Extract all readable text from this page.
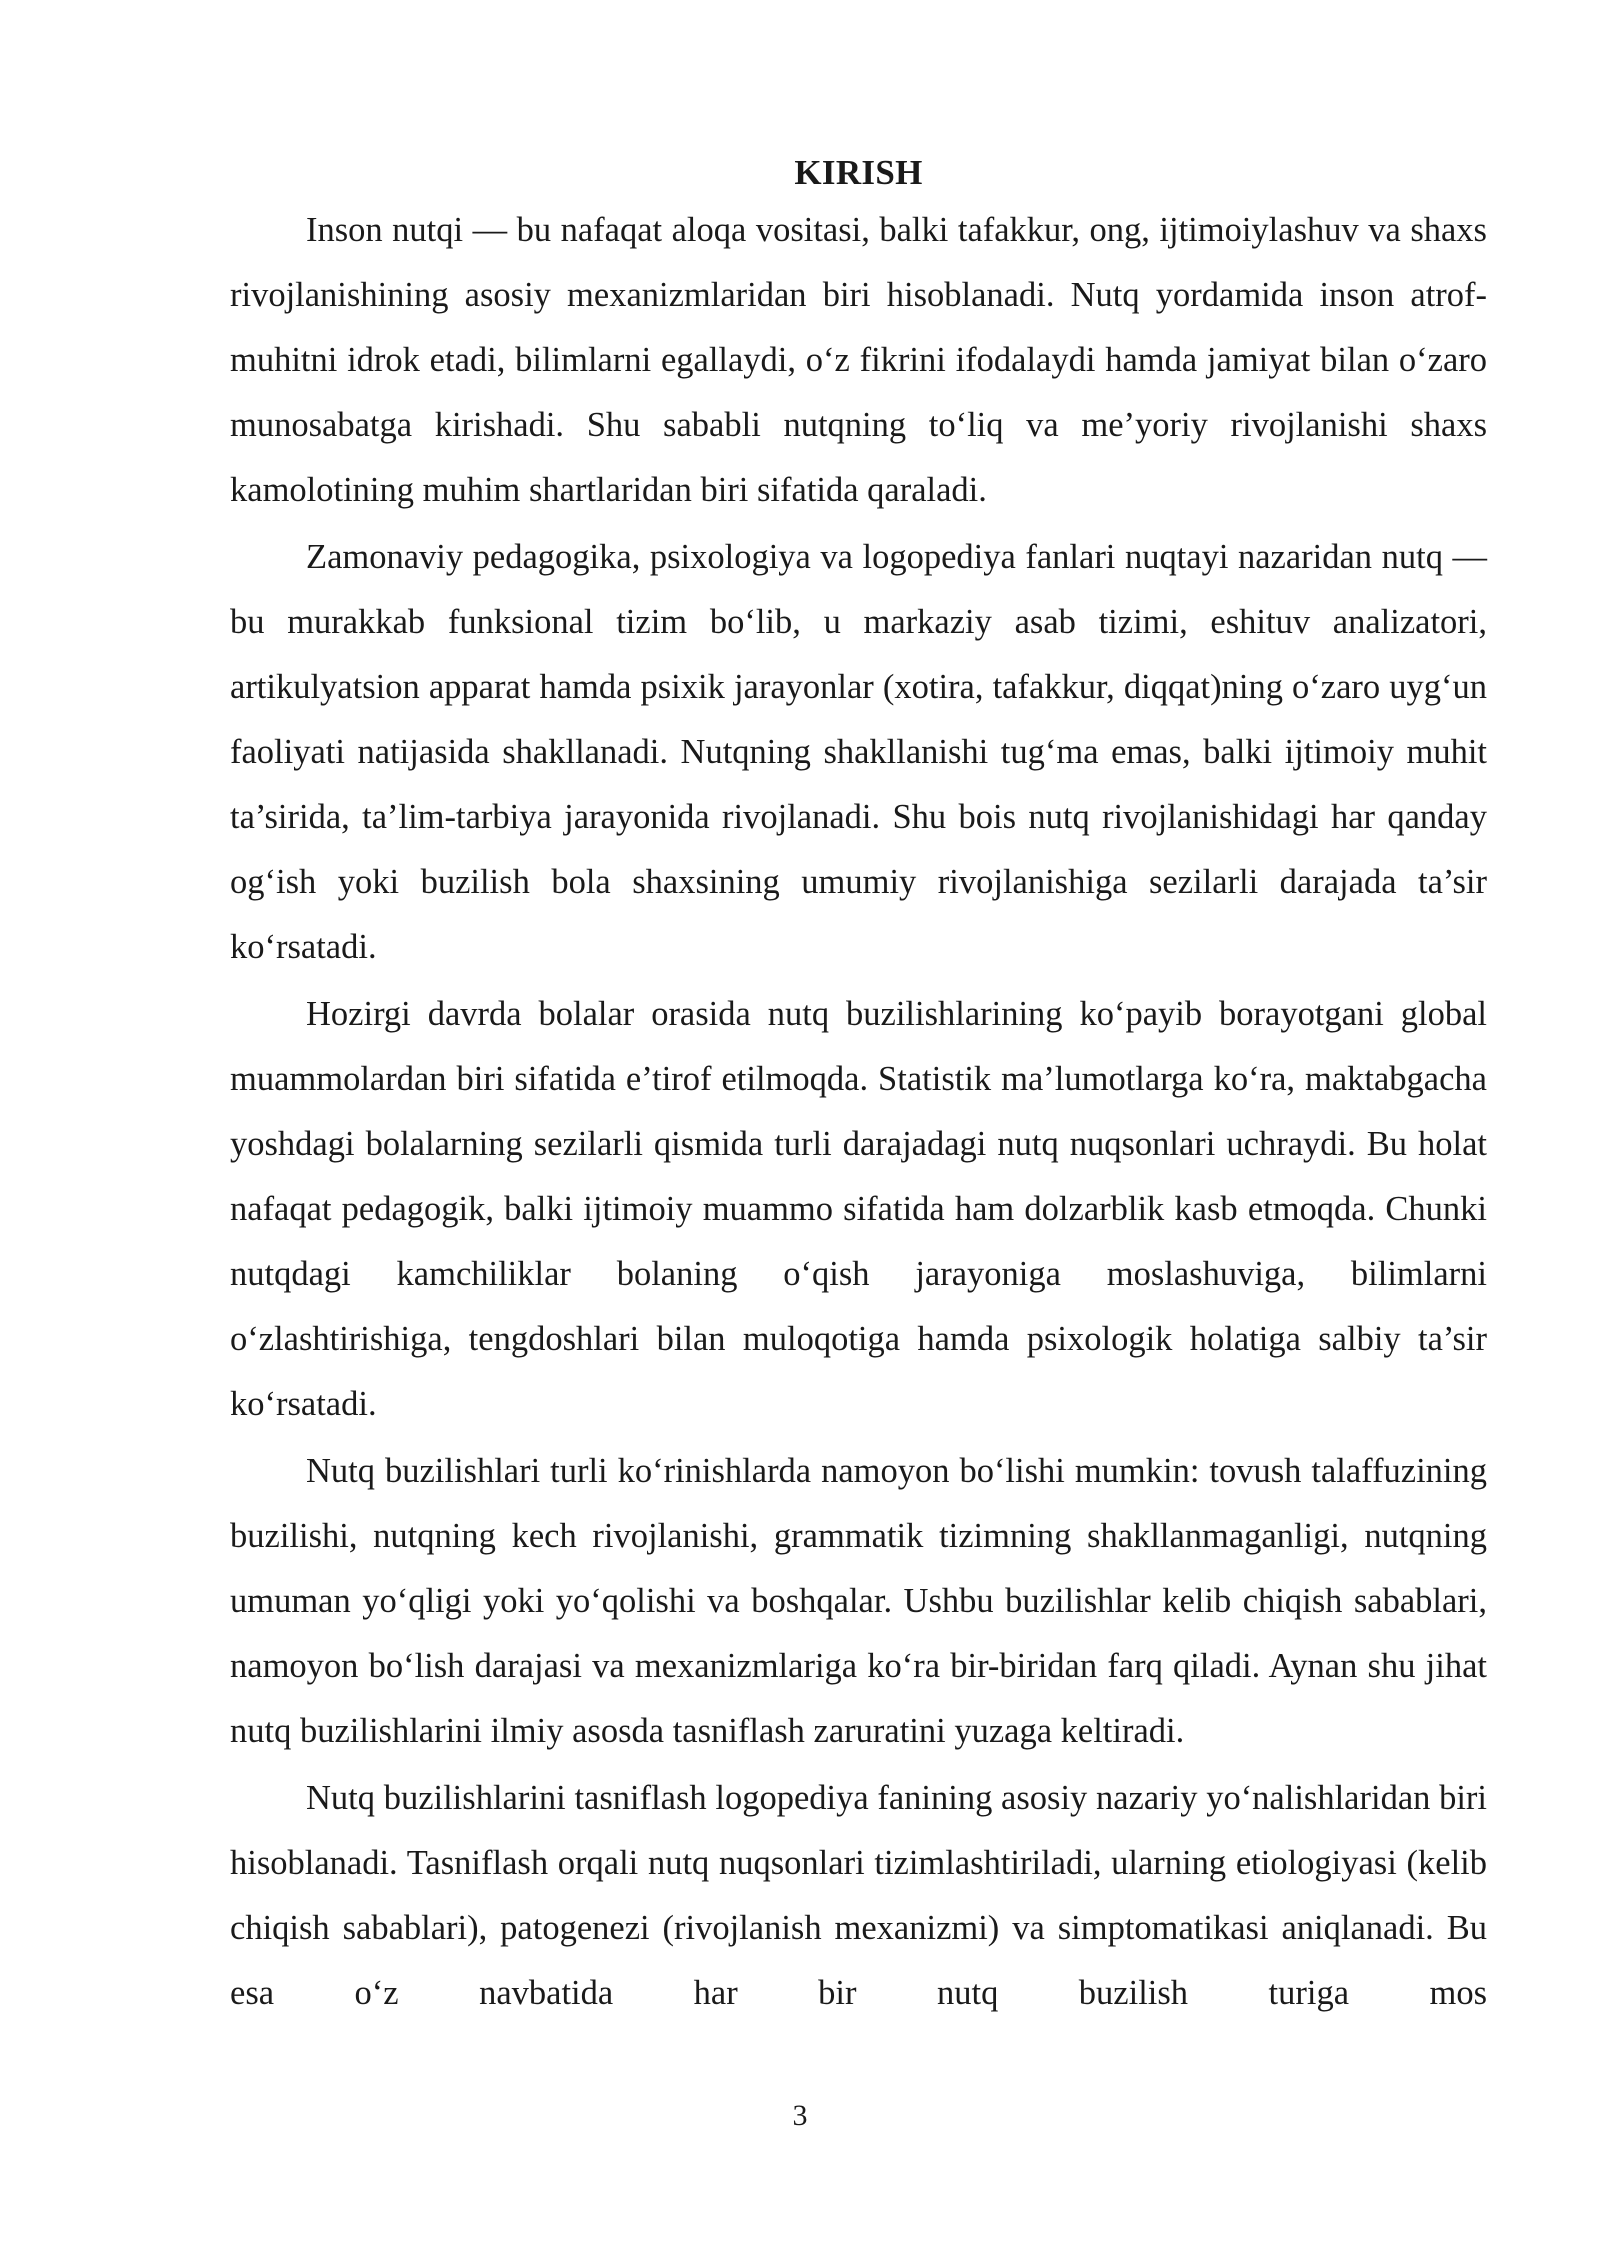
KIRISH

Inson nutqi — bu nafaqat aloqa vositasi, balki tafakkur, ong, ijtimoiylashuv va shaxs rivojlanishining asosiy mexanizmlaridan biri hisoblanadi. Nutq yordamida inson atrof-muhitni idrok etadi, bilimlarni egallaydi, o‘z fikrini ifodalaydi hamda jamiyat bilan o‘zaro munosabatga kirishadi. Shu sababli nutqning to‘liq va me’yoriy rivojlanishi shaxs kamolotining muhim shartlaridan biri sifatida qaraladi.

Zamonaviy pedagogika, psixologiya va logopediya fanlari nuqtayi nazaridan nutq — bu murakkab funksional tizim bo‘lib, u markaziy asab tizimi, eshituv analizatori, artikulyatsion apparat hamda psixik jarayonlar (xotira, tafakkur, diqqat)ning o‘zaro uyg‘un faoliyati natijasida shakllanadi. Nutqning shakllanishi tug‘ma emas, balki ijtimoiy muhit ta’sirida, ta’lim-tarbiya jarayonida rivojlanadi. Shu bois nutq rivojlanishidagi har qanday og‘ish yoki buzilish bola shaxsining umumiy rivojlanishiga sezilarli darajada ta’sir ko‘rsatadi.

Hozirgi davrda bolalar orasida nutq buzilishlarining ko‘payib borayotgani global muammolardan biri sifatida e’tirof etilmoqda. Statistik ma’lumotlarga ko‘ra, maktabgacha yoshdagi bolalarning sezilarli qismida turli darajadagi nutq nuqsonlari uchraydi. Bu holat nafaqat pedagogik, balki ijtimoiy muammo sifatida ham dolzarblik kasb etmoqda. Chunki nutqdagi kamchiliklar bolaning o‘qish jarayoniga moslashuviga, bilimlarni o‘zlashtirishiga, tengdoshlari bilan muloqotiga hamda psixologik holatiga salbiy ta’sir ko‘rsatadi.

Nutq buzilishlari turli ko‘rinishlarda namoyon bo‘lishi mumkin: tovush talaffuzining buzilishi, nutqning kech rivojlanishi, grammatik tizimning shakllanmaganligi, nutqning umuman yo‘qligi yoki yo‘qolishi va boshqalar. Ushbu buzilishlar kelib chiqish sabablari, namoyon bo‘lish darajasi va mexanizmlariga ko‘ra bir-biridan farq qiladi. Aynan shu jihat nutq buzilishlarini ilmiy asosda tasniflash zaruratini yuzaga keltiradi.

Nutq buzilishlarini tasniflash logopediya fanining asosiy nazariy yo‘nalishlaridan biri hisoblanadi. Tasniflash orqali nutq nuqsonlari tizimlashtiriladi, ularning etiologiyasi (kelib chiqish sabablari), patogenezi (rivojlanish mexanizmi) va simptomatikasi aniqlanadi. Bu esa o‘z navbatida har bir nutq buzilish turiga mos

3
